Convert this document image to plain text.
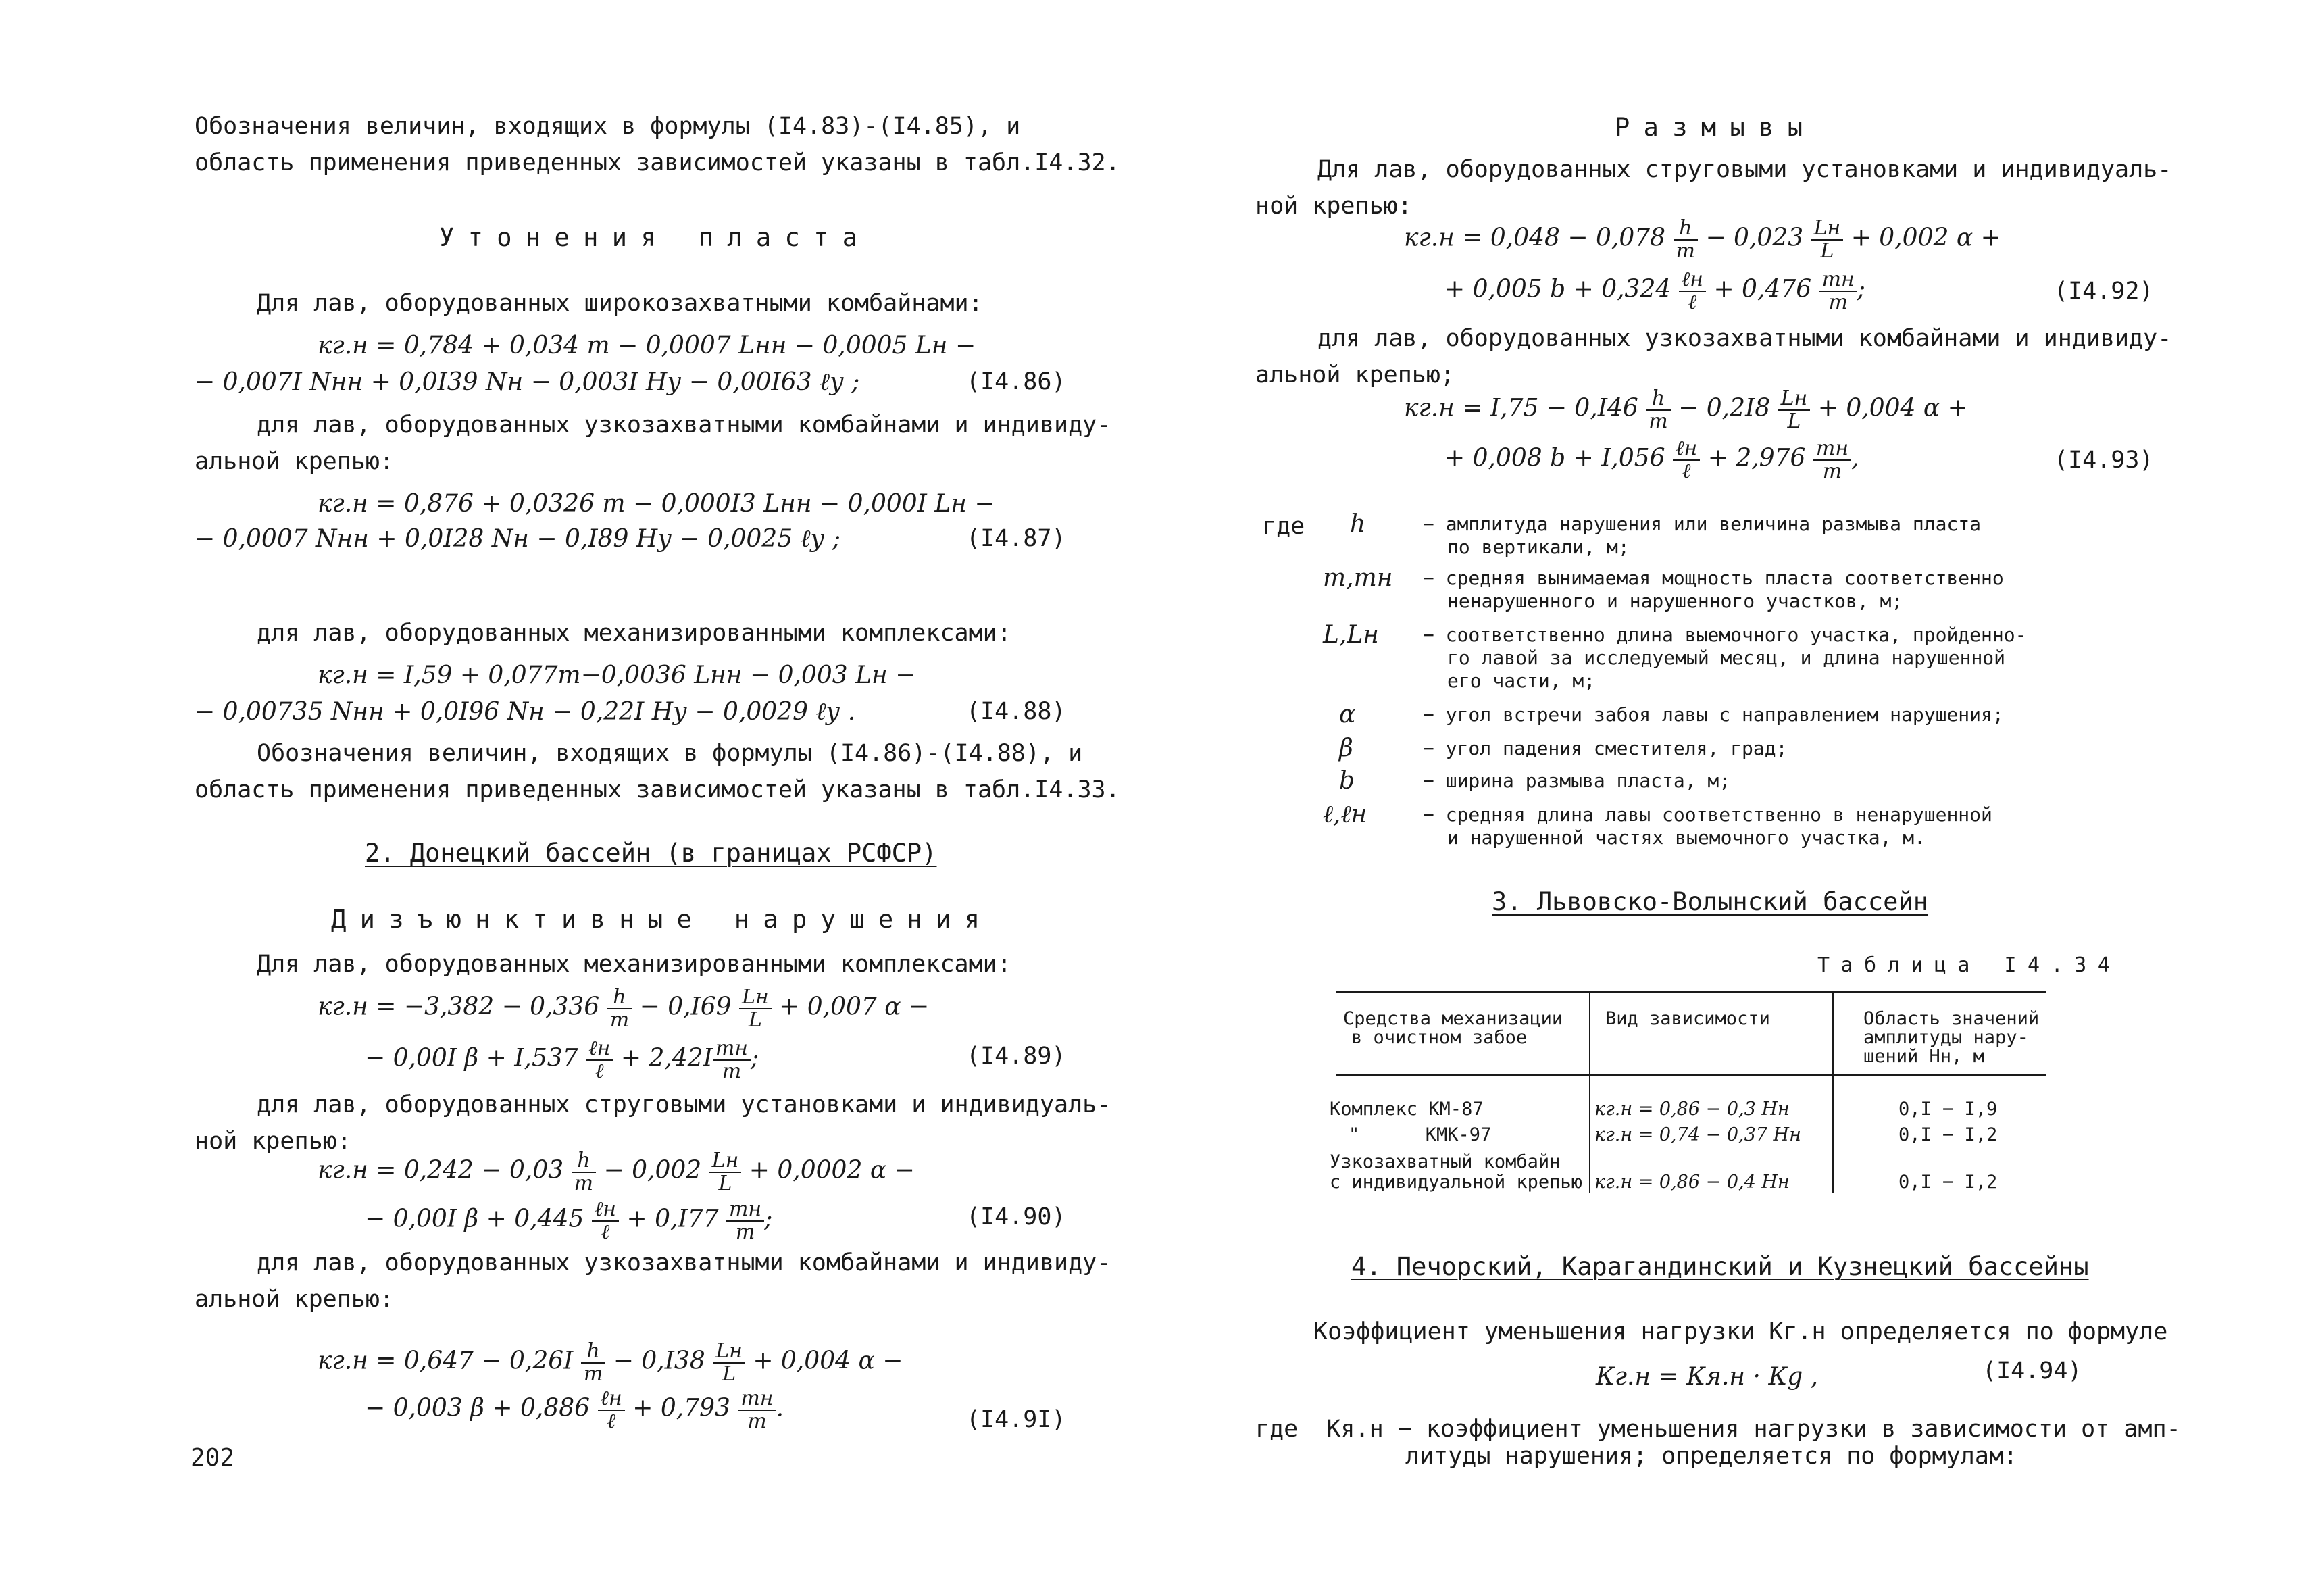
Обозначения величин, входящих в формулы (I4.83)-(I4.85), и
область применения приведенных зависимостей указаны в табл.I4.32.
Утонения пласта
Для лав, оборудованных широкозахватными комбайнами:
кг.н = 0,784 + 0,034 m − 0,0007 Lнн − 0,0005 Lн −
− 0,007I Nнн + 0,0I39 Nн − 0,003I Hу − 0,00I63 ℓу ;	(I4.86)
для лав, оборудованных узкозахватными комбайнами и индивиду-
альной крепью:
кг.н = 0,876 + 0,0326 m − 0,000I3 Lнн − 0,000I Lн −
− 0,0007 Nнн + 0,0I28 Nн − 0,I89 Hу − 0,0025 ℓу ;	(I4.87)
для лав, оборудованных механизированными комплексами:
кг.н = I,59 + 0,077m−0,0036 Lнн − 0,003 Lн −
− 0,00735 Nнн + 0,0I96 Nн − 0,22I Hу − 0,0029 ℓу .	(I4.88)
Обозначения величин, входящих в формулы (I4.86)-(I4.88), и
область применения приведенных зависимостей указаны в табл.I4.33.
2. Донецкий бассейн (в границах РСФСР)
Дизъюнктивные нарушения
Для лав, оборудованных механизированными комплексами:
$кг.н = -3,382 - 0,336 \frac{h}{m} - 0,I69 \frac{Lн}{L} + 0,007$ α −
− 0,00I $\beta + I,537 \frac{\text{ℓн}}{\text{ℓ}} + 2,42I \frac{mн}{m}$ ;	(I4.89)
для лав, оборудованных струговыми установками и индивидуаль-
ной крепью:
$кг.н = 0,242 - 0,03 \frac{h}{m} - 0,002 \frac{Lн}{L} + 0,0002$ α −
− 0,00I $\beta + 0,445 \frac{\text{ℓн}}{\text{ℓ}} + 0,I77 \frac{mн}{m}$ ;	(I4.90)
для лав, оборудованных узкозахватными комбайнами и индивиду-
альной крепью:
$кг.н = 0,647 - 0,26I \frac{h}{m} - 0,I38 \frac{Lн}{L} + 0,004$ α −
− 0,003 $\beta + 0,886 \frac{\text{ℓн}}{\text{ℓ}} + 0,793 \frac{mн}{m}$ .	(I4.9I)
202
Размывы
Для лав, оборудованных струговыми установками и индивидуаль-
ной крепью:
$кг.н = 0,048 - 0,078 \frac{h}{m} - 0,023 \frac{Lн}{L} + 0,002$ α +
+ 0,005 $b + 0,324 \frac{\text{ℓн}}{\text{ℓ}} + 0,476 \frac{mн}{m}$ ;	(I4.92)
для лав, оборудованных узкозахватными комбайнами и индивиду-
альной крепью;
$кг.н = I,75 - 0,I46 \frac{h}{m} - 0,2I8 \frac{Lн}{L} + 0,004$ α +
+ 0,008 $b + I,056 \frac{\text{ℓн}}{\text{ℓ}} + 2,976 \frac{mн}{m}$ ,	(I4.93)
где h	− амплитуда нарушения или величина размыва пласта
по вертикали, м;
m,mн − средняя вынимаемая мощность пласта соответственно
ненарушенного и нарушенного участков, м;
L,Lн − соответственно длина выемочного участка, пройденно-
го лавой за исследуемый месяц, и длина нарушенной
его части, м;
α	− угол встречи забоя лавы с направлением нарушения;
β	− угол падения сместителя, град;
b	− ширина размыва пласта, м;
ℓ,ℓн	− средняя длина лавы соответственно в ненарушенной
и нарушенной частях выемочного участка, м.
3. Львовско-Волынский бассейн
Таблица I4.34
Средства механизации
в очистном забое
Вид зависимости	Область значений
амплитуды нару-
шений Hн, м
Комплекс КМ-87	кг.н = 0,86 − 0,3 Hн	0,I − I,9
"      КМК-97	кг.н = 0,74 − 0,37 Hн	0,I − I,2
Узкозахватный комбайн
с индивидуальной крепью кг.н = 0,86 − 0,4 Hн	0,I − I,2
4. Печорский, Карагандинский и Кузнецкий бассейны
Коэффициент уменьшения нагрузки Кг.н определяется по формуле
Кг.н = Кя.н · Кg ,	(I4.94)
где  Кя.н − коэффициент уменьшения нагрузки в зависимости от амп-
литуды нарушения; определяется по формулам:
